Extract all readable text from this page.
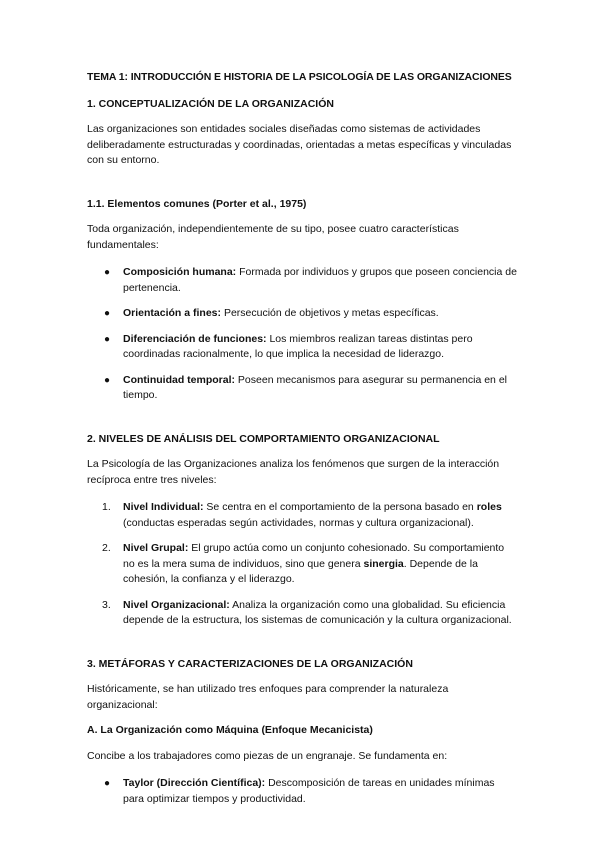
TEMA 1: INTRODUCCIÓN E HISTORIA DE LA PSICOLOGÍA DE LAS ORGANIZACIONES
1. CONCEPTUALIZACIÓN DE LA ORGANIZACIÓN

Las organizaciones son entidades sociales diseñadas como sistemas de actividades deliberadamente estructuradas y coordinadas, orientadas a metas específicas y vinculadas con su entorno.

1.1. Elementos comunes (Porter et al., 1975)

Toda organización, independientemente de su tipo, posee cuatro características fundamentales:

● Composición humana: Formada por individuos y grupos que poseen conciencia de pertenencia.
● Orientación a fines: Persecución de objetivos y metas específicas.
● Diferenciación de funciones: Los miembros realizan tareas distintas pero coordinadas racionalmente, lo que implica la necesidad de liderazgo.
● Continuidad temporal: Poseen mecanismos para asegurar su permanencia en el tiempo.
2. NIVELES DE ANÁLISIS DEL COMPORTAMIENTO ORGANIZACIONAL

La Psicología de las Organizaciones analiza los fenómenos que surgen de la interacción recíproca entre tres niveles:

1. Nivel Individual: Se centra en el comportamiento de la persona basado en roles (conductas esperadas según actividades, normas y cultura organizacional).
2. Nivel Grupal: El grupo actúa como un conjunto cohesionado. Su comportamiento no es la mera suma de individuos, sino que genera sinergia. Depende de la cohesión, la confianza y el liderazgo.
3. Nivel Organizacional: Analiza la organización como una globalidad. Su eficiencia depende de la estructura, los sistemas de comunicación y la cultura organizacional.
3. METÁFORAS Y CARACTERIZACIONES DE LA ORGANIZACIÓN

Históricamente, se han utilizado tres enfoques para comprender la naturaleza organizacional:

A. La Organización como Máquina (Enfoque Mecanicista)

Concibe a los trabajadores como piezas de un engranaje. Se fundamenta en:

● Taylor (Dirección Científica): Descomposición de tareas en unidades mínimas para optimizar tiempos y productividad.
